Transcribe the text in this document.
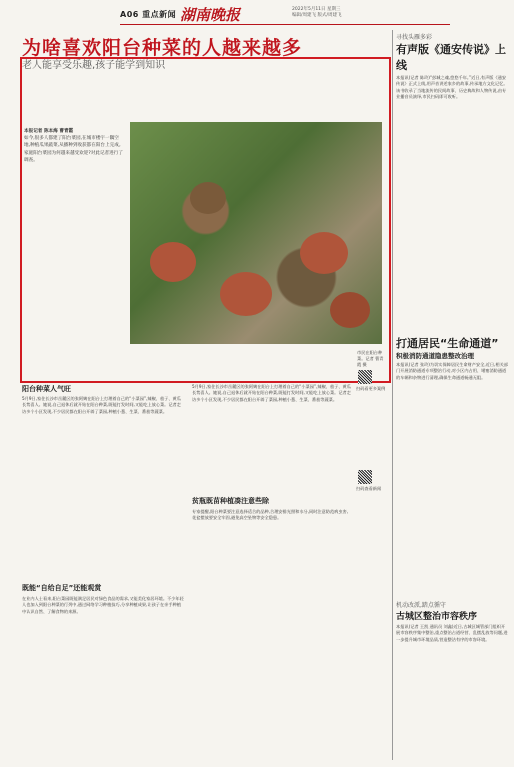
A06 重点新闻 湖南晚报	2022年5月11日 星期三
编辑/周建飞 版式/周建飞
为啥喜欢阳台种菜的人越来越多
老人能享受乐趣,孩子能学到知识
本报记者 陈本海 曹青霞
如今,很多人都建了阳台菜园,在城市楼宇一隅空地,种植瓜果蔬菜,从播种到收获都在阳台上完成。家庭阳台菜园为何越来越受欢迎?对此记者进行了调查。
市民在阳台种菜。记者 曹青霞 摄
阳台种菜人气旺
5月9日,家住长沙市岳麓区的张阿姨在阳台上打理着自己的“小菜园”,辣椒、茄子、黄瓜长势喜人。她说,自己退休后就开始在阳台种菜,既能打发时间,又能吃上放心菜。记者走访多个小区发现,不少居民都在阳台开辟了菜园,种植小葱、生菜、番茄等蔬菜。
既能“自给自足”还能观赏
在业内人士看来,阳台菜园既能满足居民对绿色食品的需求,又能美化家居环境。不少年轻人也加入到阳台种菜的行列中,通过网络学习种植技巧,分享种植成果,让孩子在亲手种植中认识自然、了解食物的来源。
5月9日,家住长沙市岳麓区的张阿姨在阳台上打理着自己的“小菜园”,辣椒、茄子、黄瓜长势喜人。她说,自己退休后就开始在阳台种菜,既能打发时间,又能吃上放心菜。记者走访多个小区发现,不少居民都在阳台开辟了菜园,种植小葱、生菜、番茄等蔬菜。
贫瓶既苗种植凑注意些除
专家提醒,阳台种菜要注意选择适合的品种,合理安排光照和水分,同时注意防范病虫害,花盆摆放要安全牢固,避免高空坠物等安全隐患。
扫码看更多案例
扫码查看新闻
寻找头雁多彩
有声版《通安传说》上线
本报讯(记者 陈玲)“彭城之魂,悠悠千年。”近日,有声版《通安传说》正式上线,用声音讲述家乡的故事,传承地方文化记忆。该书收录了当地流传的民间故事、历史典故和人物传说,由专业播音员演绎,市民扫码即可收听。
打通居民“生命通道”
积极消防通道隐患整改治理
本报讯(记者 张玲)为切实保障居民生命财产安全,近日,相关部门开展消防通道专项整治行动,对小区内占用、堵塞消防通道的车辆和杂物进行清理,确保生命通道畅通无阻。
机动改派,踏点循守
古城区整治市容秩序
本报讯(记者 王凯 通讯员 刘鑫)近日,古城区城管部门组织开展市容秩序集中整治,重点整治占道经营、乱摆乱放等问题,进一步提升城市环境品质,营造整洁有序的市容环境。
